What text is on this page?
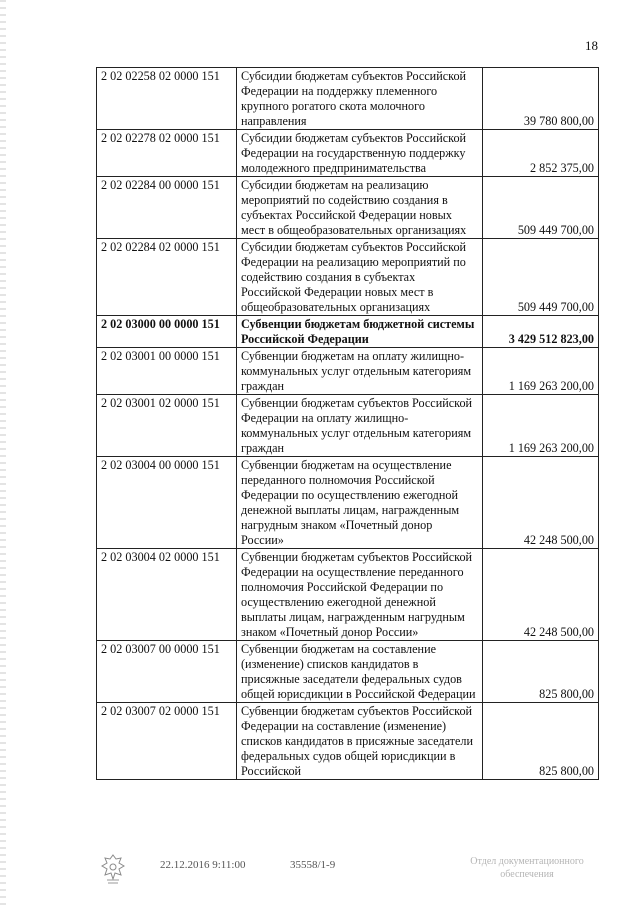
18
2 02 02258 02 0000 151	Субсидии бюджетам субъектов Российской Федерации на поддержку племенного крупного рогатого скота молочного направления	39 780 800,00
2 02 02278 02 0000 151	Субсидии бюджетам субъектов Российской Федерации на государственную поддержку молодежного предпринимательства	2 852 375,00
2 02 02284 00 0000 151	Субсидии бюджетам на реализацию мероприятий по содействию создания в субъектах Российской Федерации новых мест в общеобразовательных организациях	509 449 700,00
2 02 02284 02 0000 151	Субсидии бюджетам субъектов Российской Федерации на реализацию мероприятий по содействию создания в субъектах Российской Федерации новых мест в общеобразовательных организациях	509 449 700,00
2 02 03000 00 0000 151	Субвенции бюджетам бюджетной системы Российской Федерации	3 429 512 823,00
2 02 03001 00 0000 151	Субвенции бюджетам на оплату жилищно-коммунальных услуг отдельным категориям граждан	1 169 263 200,00
2 02 03001 02 0000 151	Субвенции бюджетам субъектов Российской Федерации на оплату жилищно-коммунальных услуг отдельным категориям граждан	1 169 263 200,00
2 02 03004 00 0000 151	Субвенции бюджетам на осуществление переданного полномочия Российской Федерации по осуществлению ежегодной денежной выплаты лицам, награжденным нагрудным знаком «Почетный донор России»	42 248 500,00
2 02 03004 02 0000 151	Субвенции бюджетам субъектов Российской Федерации на осуществление переданного полномочия Российской Федерации по осуществлению ежегодной денежной выплаты лицам, награжденным нагрудным знаком «Почетный донор России»	42 248 500,00
2 02 03007 00 0000 151	Субвенции бюджетам на составление (изменение) списков кандидатов в присяжные заседатели федеральных судов общей юрисдикции в Российской Федерации	825 800,00
2 02 03007 02 0000 151	Субвенции бюджетам субъектов Российской Федерации на составление (изменение) списков кандидатов в присяжные заседатели федеральных судов общей юрисдикции в Российской	825 800,00
22.12.2016 9:11:00	35558/1-9	Отдел документационного
обеспечения
